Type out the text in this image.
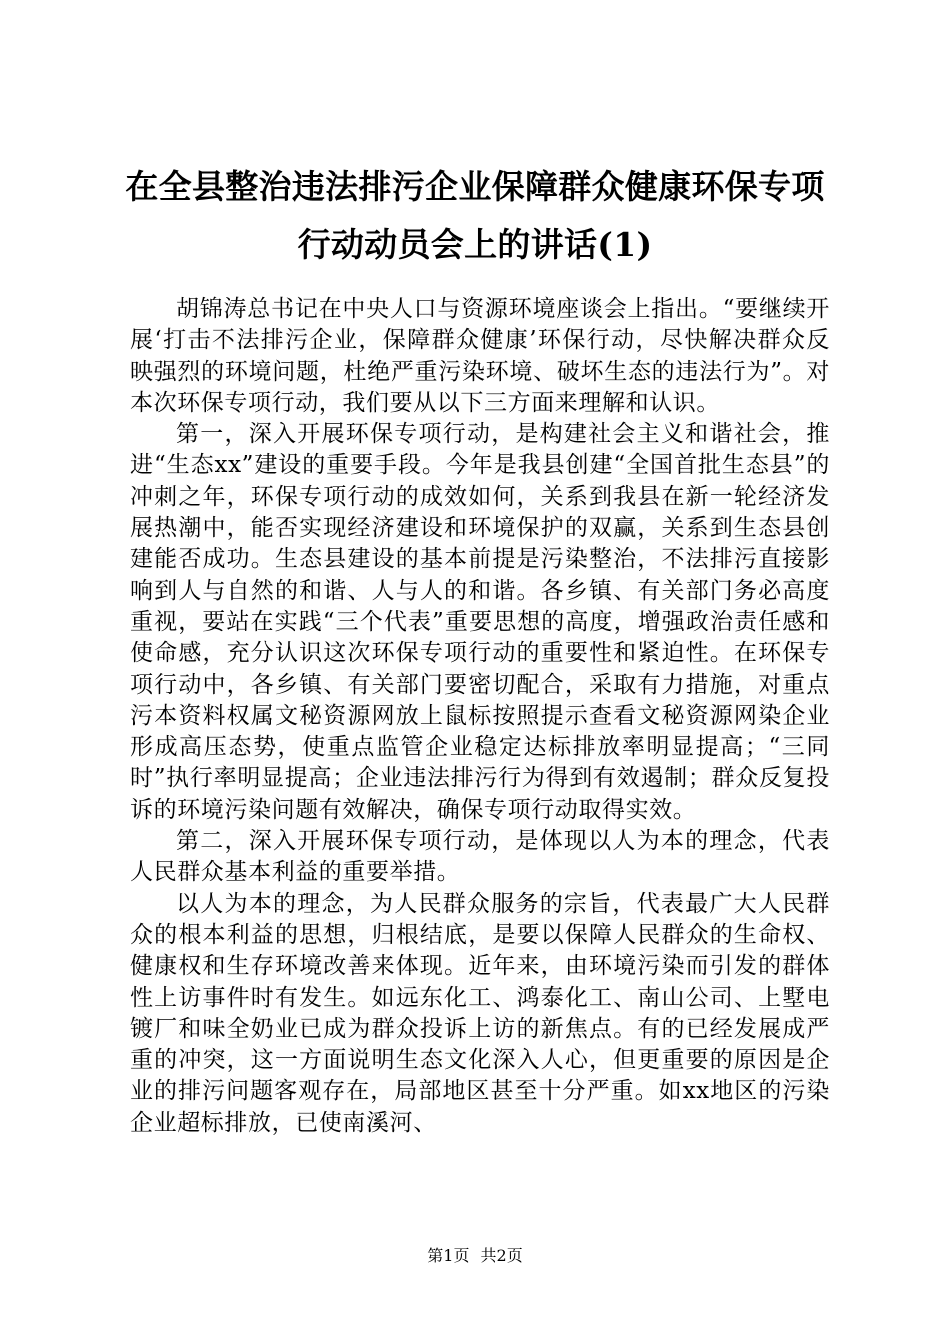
在全县整治违法排污企业保障群众健康环保专项行动动员会上的讲话(1)

胡锦涛总书记在中央人口与资源环境座谈会上指出。“要继续开展‘打击不法排污企业，保障群众健康’环保行动，尽快解决群众反映强烈的环境问题，杜绝严重污染环境、破坏生态的违法行为”。对本次环保专项行动，我们要从以下三方面来理解和认识。

第一，深入开展环保专项行动，是构建社会主义和谐社会，推进“生态xx”建设的重要手段。今年是我县创建“全国首批生态县”的冲刺之年，环保专项行动的成效如何，关系到我县在新一轮经济发展热潮中，能否实现经济建设和环境保护的双赢，关系到生态县创建能否成功。生态县建设的基本前提是污染整治，不法排污直接影响到人与自然的和谐、人与人的和谐。各乡镇、有关部门务必高度重视，要站在实践“三个代表”重要思想的高度，增强政治责任感和使命感，充分认识这次环保专项行动的重要性和紧迫性。在环保专项行动中，各乡镇、有关部门要密切配合，采取有力措施，对重点污本资料权属文秘资源网放上鼠标按照提示查看文秘资源网染企业形成高压态势，使重点监管企业稳定达标排放率明显提高；“三同时”执行率明显提高；企业违法排污行为得到有效遏制；群众反复投诉的环境污染问题有效解决，确保专项行动取得实效。

第二，深入开展环保专项行动，是体现以人为本的理念，代表人民群众基本利益的重要举措。

以人为本的理念，为人民群众服务的宗旨，代表最广大人民群众的根本利益的思想，归根结底，是要以保障人民群众的生命权、健康权和生存环境改善来体现。近年来，由环境污染而引发的群体性上访事件时有发生。如远东化工、鸿泰化工、南山公司、上墅电镀厂和味全奶业已成为群众投诉上访的新焦点。有的已经发展成严重的冲突，这一方面说明生态文化深入人心，但更重要的原因是企业的排污问题客观存在，局部地区甚至十分严重。如xx地区的污染企业超标排放，已使南溪河、

第1页 共2页
